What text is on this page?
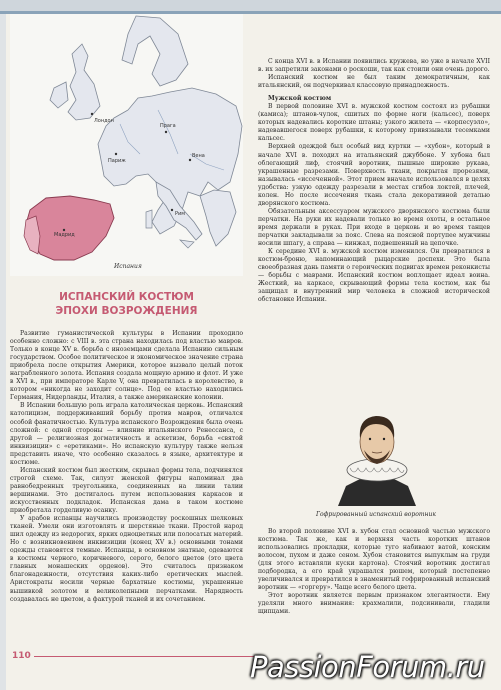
Лондон
Париж
Прага
Вена
Рим
Мадрид
Испания
ИСПАНСКИЙ КОСТЮМ
ЭПОХИ ВОЗРОЖДЕНИЯ

Развитие гуманистической культуры в Испании проходило особенно сложно: с VIII в. эта страна находилась под властью мавров. Только в конце XV в. борьба с иноземцами сделала Испанию сильным государством. Особое политическое и экономическое значение страна приобрела после открытия Америки, которое вызвало целый поток награбленного золота. Испания создала мощную армию и флот. И уже в XVI в., при императоре Карле V, она превратилась в королевство, в котором «никогда не заходит солнце». Под ее властью находились Германия, Нидерланды, Италия, а также американские колонии.

В Испании большую роль играла католическая церковь. Испанский католицизм, поддерживавший борьбу против мавров, отличался особой фанатичностью. Культура испанского Возрождения была очень сложной: с одной стороны — влияние итальянского Ренессанса, с другой — религиозная догматичность и аскетизм, борьба «святой инквизиции» с «еретиками». Но испанскую культуру также нельзя представить иначе, что особенно сказалось в языке, архитектуре и костюме.

Испанский костюм был жестким, скрывал формы тела, подчинялся строгой схеме. Так, силуэт женской фигуры напоминал два равнобедренных треугольника, соединенных на линии талии вершинами. Это достигалось путем использования каркасов и искусственных подкладок. Испанская дама в таком костюме приобретала горделивую осанку.

У арабов испанцы научились производству роскошных шелковых тканей. Умели они изготовлять и шерстяные ткани. Простой народ шил одежду из недорогих, ярких одноцветных или полосатых материй. Но с возникновением инквизиции (конец XV в.) основными тонами одежды становятся темные. Испанцы, в основном знатные, одеваются в костюмы черного, коричневого, серого, белого цветов (это цвета главных монашеских орденов). Это считалось признаком благонадежности, отсутствия каких-либо еретических мыслей. Аристократы носили черные бархатные костюмы, украшенные вышивкой золотом и великолепными перчатками. Нарядность создавалась не цветом, а фактурой тканей и их сочетанием.

С конца XVI в. в Испании появились кружева, но уже в начале XVII в. их запретили законами о роскоши, так как стоили они очень дорого.

Испанский костюм не был таким демократичным, как итальянский, он подчеркивал классовую принадлежность.

Мужской костюм

В первой половине XVI в. мужской костюм состоял из рубашки (камиса); штанов-чулок, сшитых по форме ноги (кальсес), поверх которых надевались короткие штаны; узкого жилета — «корпесуэло», надевавшегося поверх рубашки, к которому привязывали тесемками кальсес.

Верхней одеждой был особый вид куртки — «хубон», который в начале XVI в. походил на итальянский джуббоне. У хубона был облегающий лиф, стоячий воротник, пышные широкие рукава, украшенные разрезами. Поверхность ткани, покрытая прорезями, называлась «иссеченной». Этот прием вначале использовался в целях удобства: узкую одежду разрезали в местах сгибов локтей, плечей, колен. Но после иссечения ткань стала декоративной деталью дворянского костюма.

Обязательным аксессуаром мужского дворянского костюма были перчатки. На руки их надевали только во время охоты, в остальное время держали в руках. При входе в церковь и во время танцев перчатки закладывали за пояс. Слева на поясной портупее мужчины носили шпагу, а справа — кинжал, подвешенный на цепочке.

К середине XVI в. мужской костюм изменился. Он превратился в костюм-броню, напоминающий рыцарские доспехи. Это была своеобразная дань памяти о героических подвигах времен реконкисты — борьбы с маврами. Испанский костюм воплощает идеал воина. Жесткий, на каркасе, скрывающий формы тела костюм, как бы защищал и внутренний мир человека в сложной исторической обстановке Испании.

Гофрированный испанский воротник

Во второй половине XVI в. хубон стал основной частью мужского костюма. Так же, как и верхняя часть коротких штанов использовались прокладки, которые туго набивают ватой, конским волосом, пухом и даже сеном. Хубон становится выпуклым на груди (для этого вставляли куски картона). Стоячий воротник достигал подбородка, а его край украшался рюшем, который постепенно увеличивался и превратился в знаменитый гофрированный испанский воротник — «горгеру». Чаще всего белого цвета.

Этот воротник является первым признаком элегантности. Ему уделяли много внимания: крахмалили, подсинивали, гладили щипцами.

110	PassionForum.ru
